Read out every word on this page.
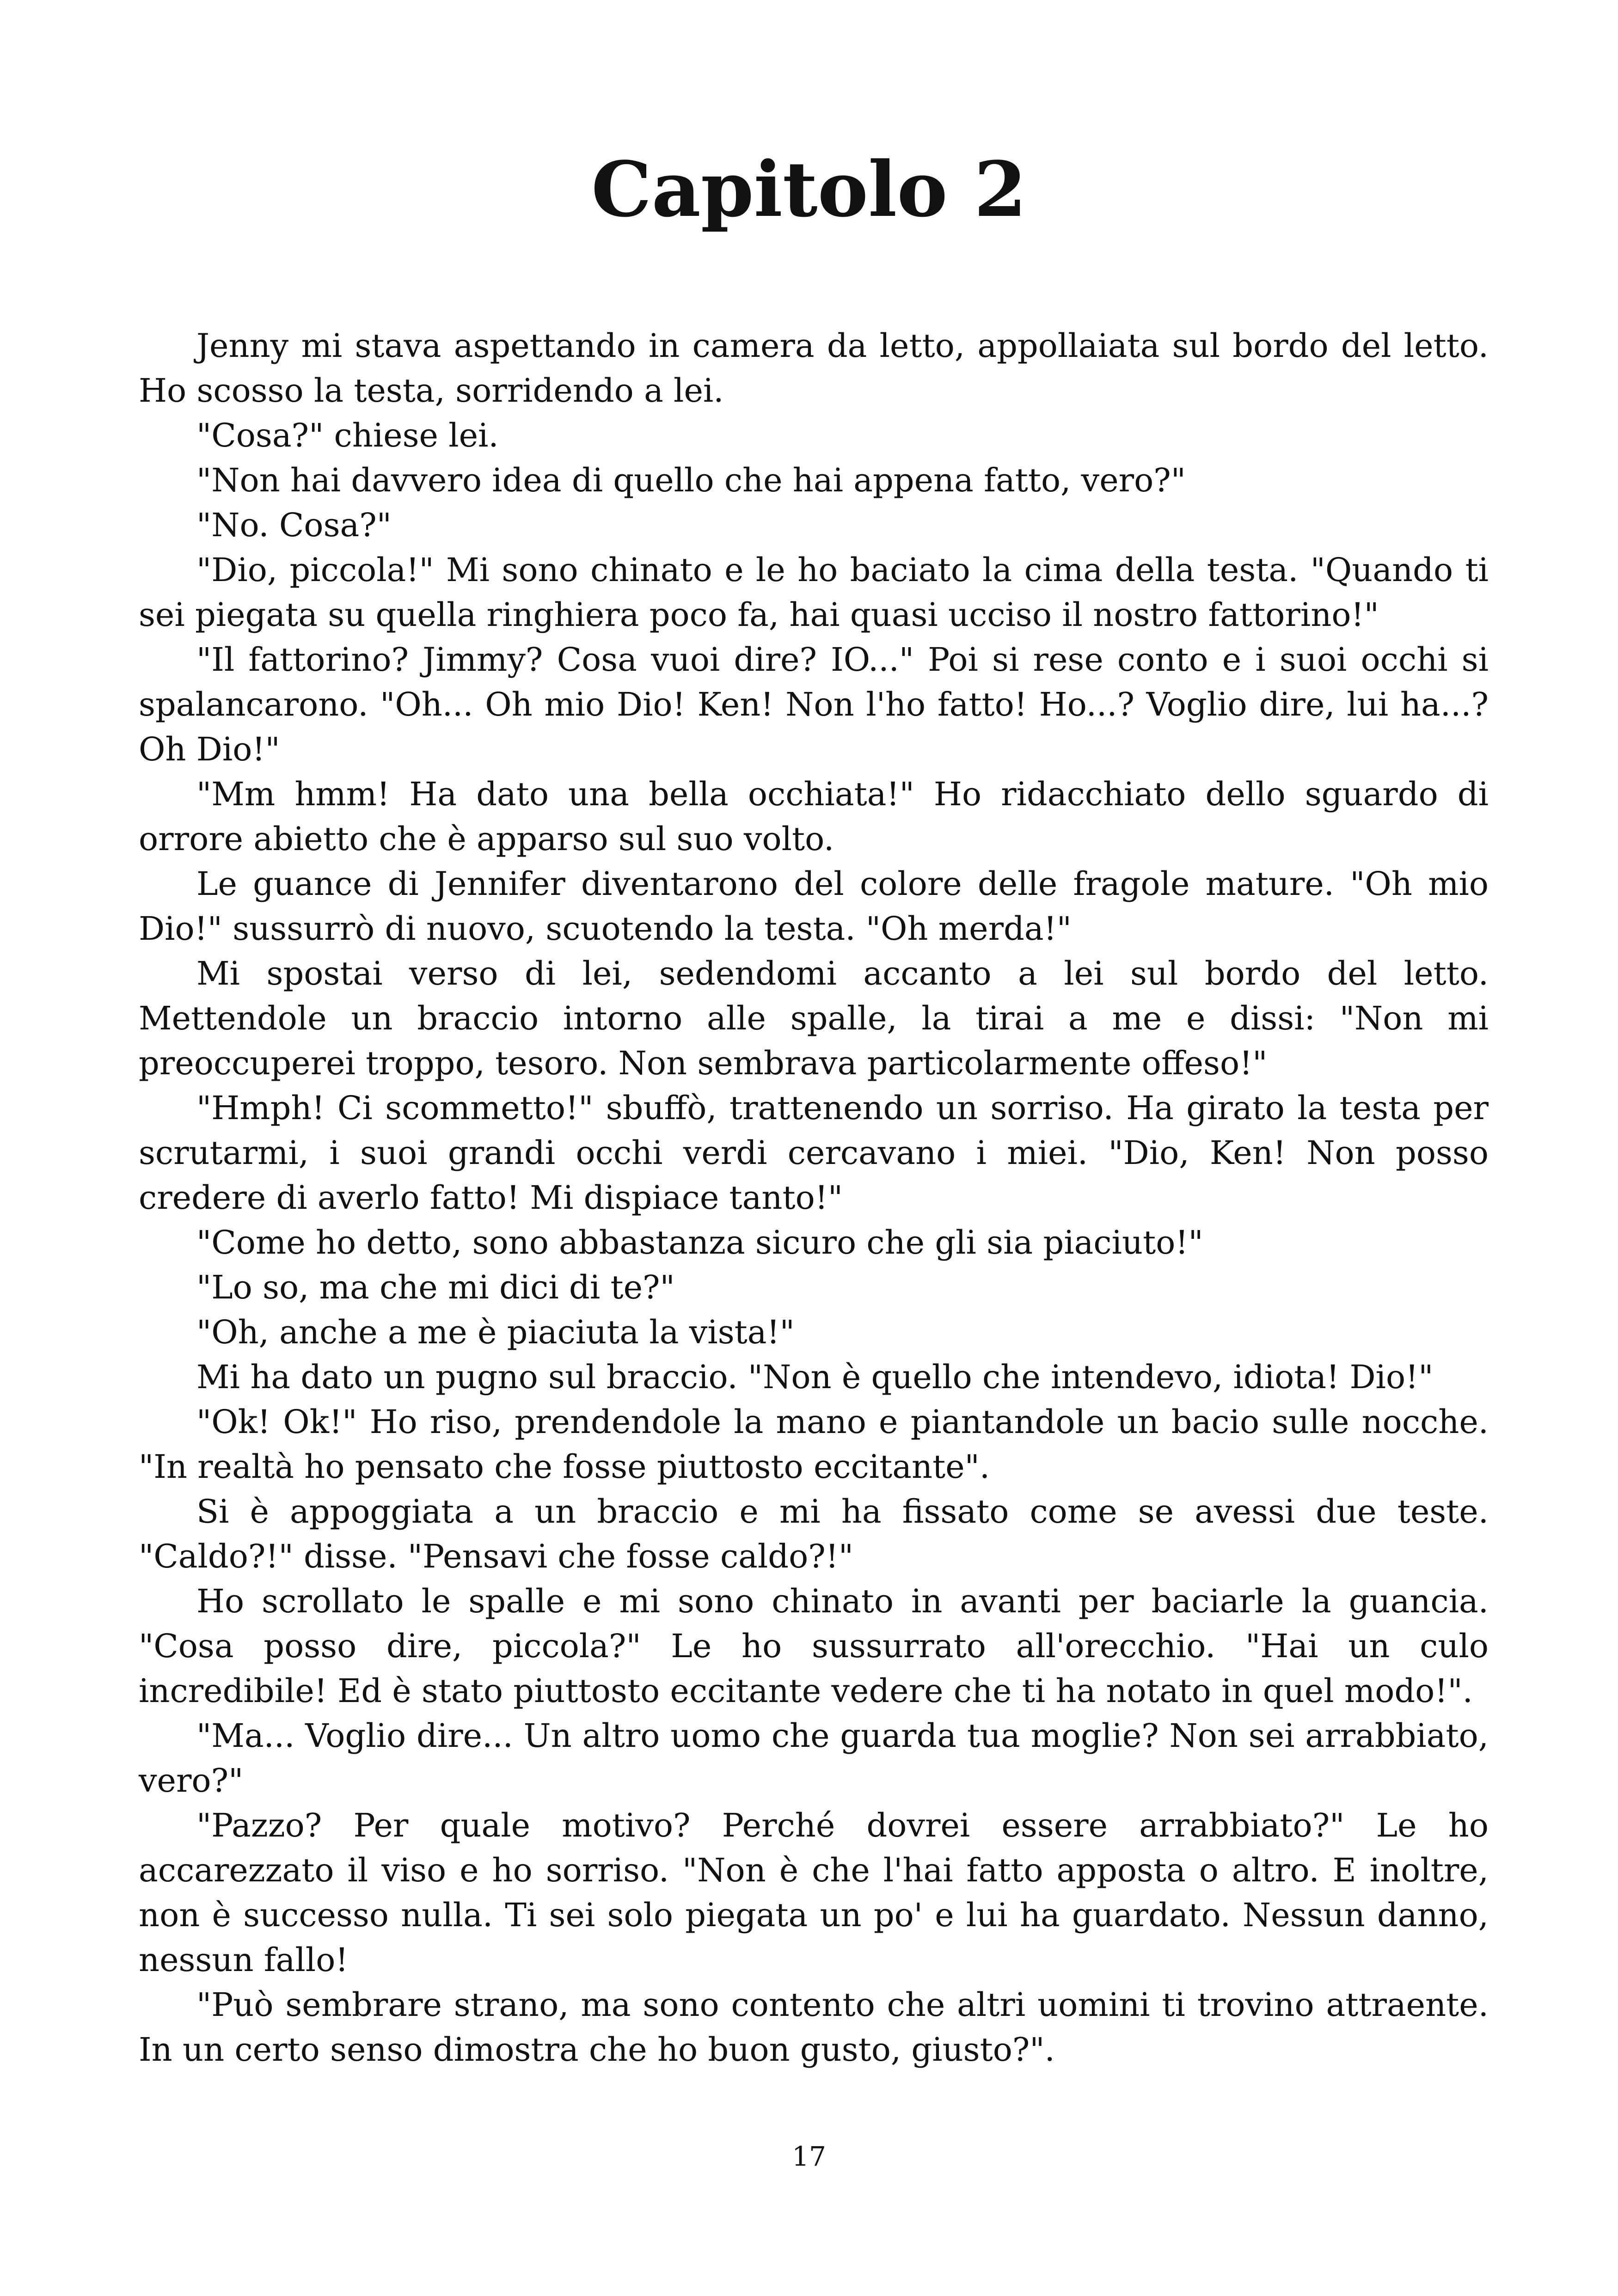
Capitolo 2

Jenny mi stava aspettando in camera da letto, appollaiata sul bordo del letto. Ho scosso la testa, sorridendo a lei.

"Cosa?" chiese lei.

"Non hai davvero idea di quello che hai appena fatto, vero?"

"No. Cosa?"

"Dio, piccola!" Mi sono chinato e le ho baciato la cima della testa. "Quando ti sei piegata su quella ringhiera poco fa, hai quasi ucciso il nostro fattorino!"

"Il fattorino? Jimmy? Cosa vuoi dire? IO..." Poi si rese conto e i suoi occhi si spalancarono. "Oh... Oh mio Dio! Ken! Non l'ho fatto! Ho...? Voglio dire, lui ha...? Oh Dio!"

"Mm hmm! Ha dato una bella occhiata!" Ho ridacchiato dello sguardo di orrore abietto che è apparso sul suo volto.

Le guance di Jennifer diventarono del colore delle fragole mature. "Oh mio Dio!" sussurrò di nuovo, scuotendo la testa. "Oh merda!"

Mi spostai verso di lei, sedendomi accanto a lei sul bordo del letto. Mettendole un braccio intorno alle spalle, la tirai a me e dissi: "Non mi preoccuperei troppo, tesoro. Non sembrava particolarmente offeso!"

"Hmph! Ci scommetto!" sbuffò, trattenendo un sorriso. Ha girato la testa per scrutarmi, i suoi grandi occhi verdi cercavano i miei. "Dio, Ken! Non posso credere di averlo fatto! Mi dispiace tanto!"

"Come ho detto, sono abbastanza sicuro che gli sia piaciuto!"

"Lo so, ma che mi dici di te?"

"Oh, anche a me è piaciuta la vista!"

Mi ha dato un pugno sul braccio. "Non è quello che intendevo, idiota! Dio!"

"Ok! Ok!" Ho riso, prendendole la mano e piantandole un bacio sulle nocche. "In realtà ho pensato che fosse piuttosto eccitante".

Si è appoggiata a un braccio e mi ha fissato come se avessi due teste. "Caldo?!" disse. "Pensavi che fosse caldo?!"

Ho scrollato le spalle e mi sono chinato in avanti per baciarle la guancia. "Cosa posso dire, piccola?" Le ho sussurrato all'orecchio. "Hai un culo incredibile! Ed è stato piuttosto eccitante vedere che ti ha notato in quel modo!".

"Ma... Voglio dire... Un altro uomo che guarda tua moglie? Non sei arrabbiato, vero?"

"Pazzo? Per quale motivo? Perché dovrei essere arrabbiato?" Le ho accarezzato il viso e ho sorriso. "Non è che l'hai fatto apposta o altro. E inoltre, non è successo nulla. Ti sei solo piegata un po' e lui ha guardato. Nessun danno, nessun fallo!

"Può sembrare strano, ma sono contento che altri uomini ti trovino attraente. In un certo senso dimostra che ho buon gusto, giusto?".

17
